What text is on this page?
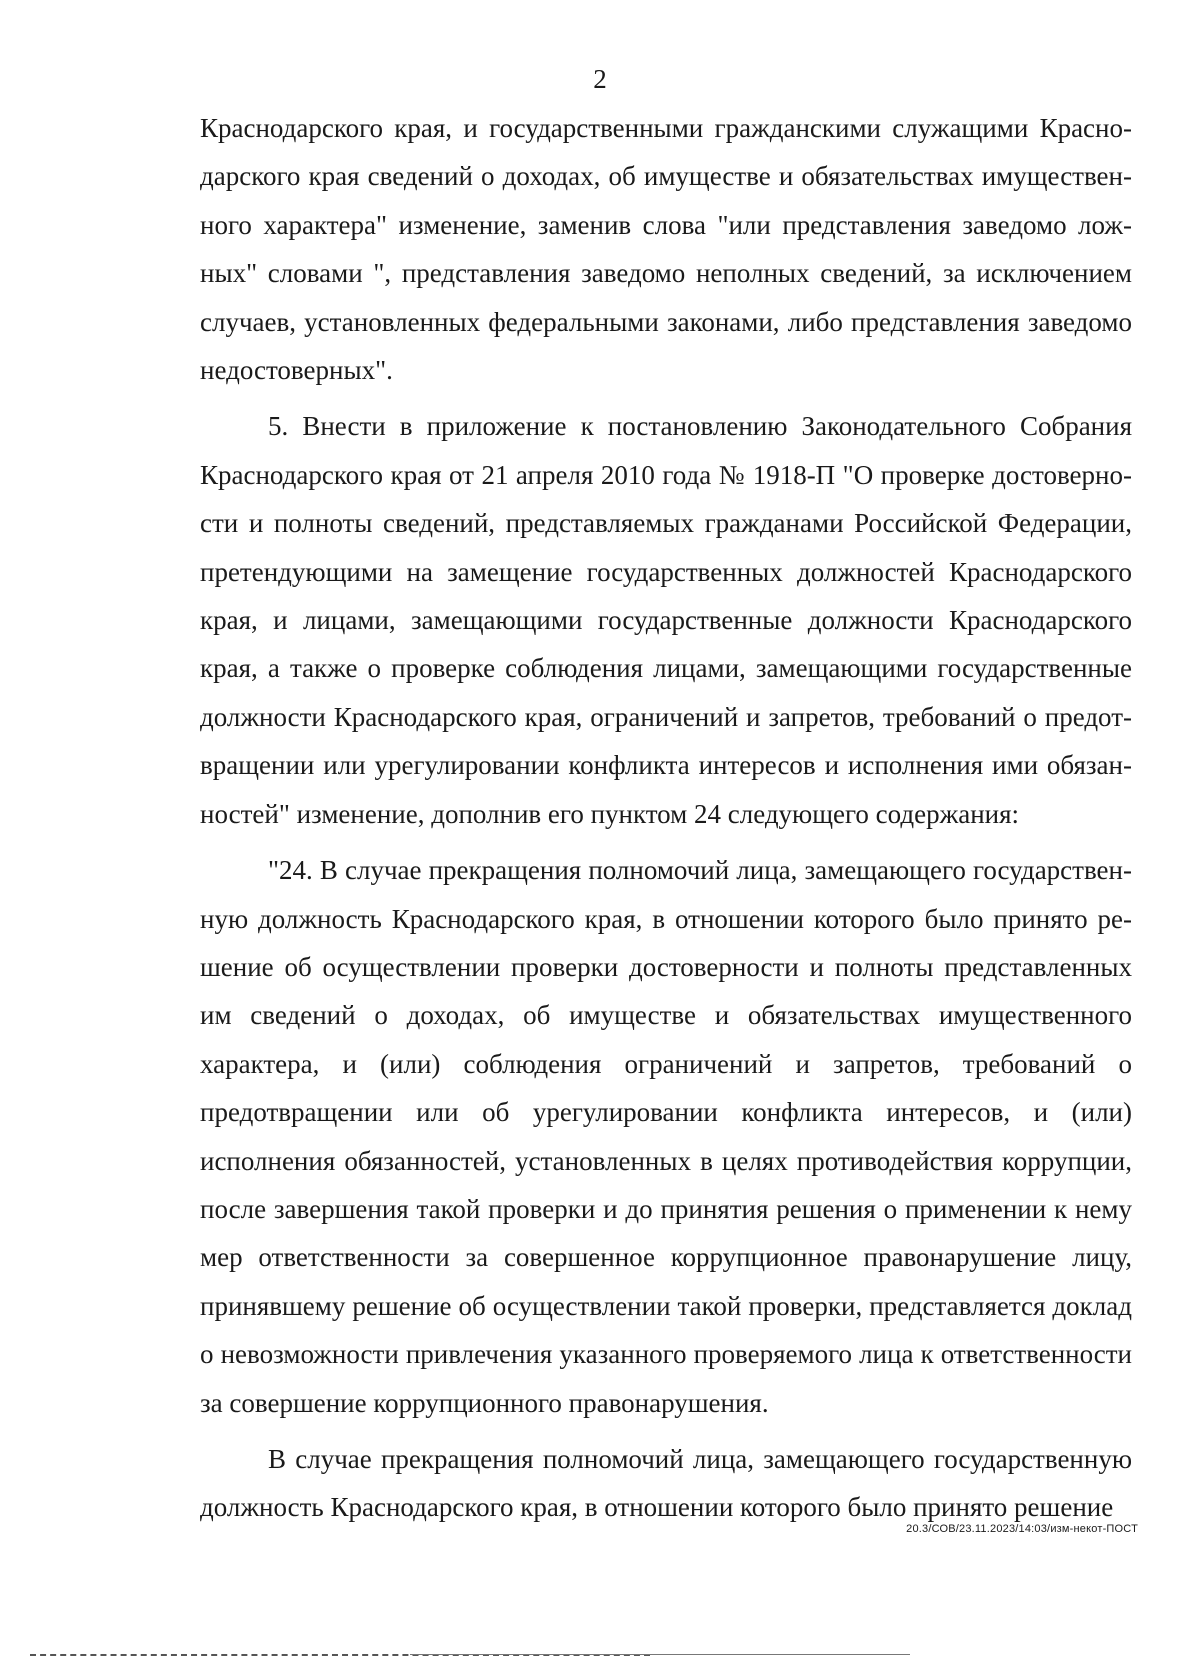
2

Краснодарского края, и государственными гражданскими служащими Краснодарского края сведений о доходах, об имуществе и обязательствах имущественного характера" изменение, заменив слова "или представления заведомо ложных" словами ", представления заведомо неполных сведений, за исключением случаев, установленных федеральными законами, либо представления заведомо недостоверных".

5. Внести в приложение к постановлению Законодательного Собрания Краснодарского края от 21 апреля 2010 года № 1918-П "О проверке достоверности и полноты сведений, представляемых гражданами Российской Федерации, претендующими на замещение государственных должностей Краснодарского края, и лицами, замещающими государственные должности Краснодарского края, а также о проверке соблюдения лицами, замещающими государственные должности Краснодарского края, ограничений и запретов, требований о предотвращении или урегулировании конфликта интересов и исполнения ими обязанностей" изменение, дополнив его пунктом 24 следующего содержания:

"24. В случае прекращения полномочий лица, замещающего государственную должность Краснодарского края, в отношении которого было принято решение об осуществлении проверки достоверности и полноты представленных им сведений о доходах, об имуществе и обязательствах имущественного характера, и (или) соблюдения ограничений и запретов, требований о предотвращении или об урегулировании конфликта интересов, и (или) исполнения обязанностей, установленных в целях противодействия коррупции, после завершения такой проверки и до принятия решения о применении к нему мер ответственности за совершенное коррупционное правонарушение лицу, принявшему решение об осуществлении такой проверки, представляется доклад о невозможности привлечения указанного проверяемого лица к ответственности за совершение коррупционного правонарушения.

В случае прекращения полномочий лица, замещающего государственную должность Краснодарского края, в отношении которого было принято решение

20.3/СОВ/23.11.2023/14:03/изм-некот-ПОСТ
